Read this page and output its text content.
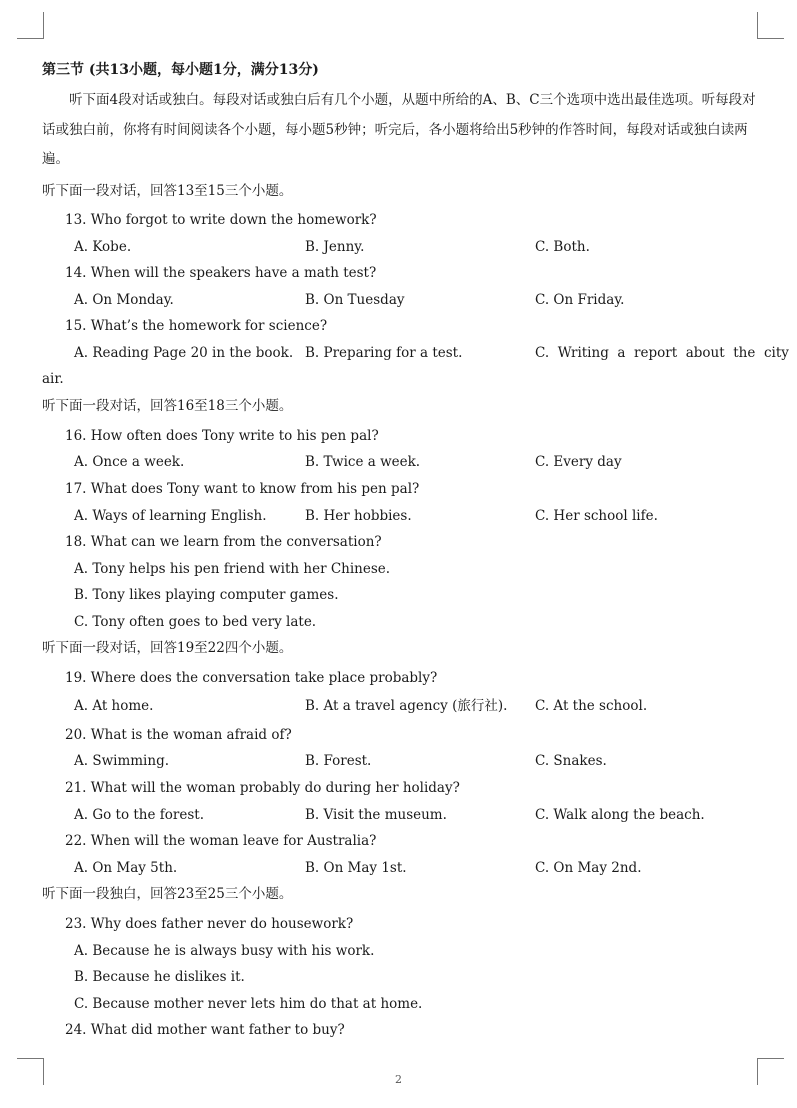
第三节 (共13小题，每小题1分，满分13分)
听下面4段对话或独白。每段对话或独白后有几个小题，从题中所给的A、B、C三个选项中选出最佳选项。听每段对话或独白前，你将有时间阅读各个小题，每小题5秒钟；听完后，各小题将给出5秒钟的作答时间，每段对话或独白读两遍。
听下面一段对话，回答13至15三个小题。
13. Who forgot to write down the homework?
A. Kobe.	B. Jenny.	C. Both.
14. When will the speakers have a math test?
A. On Monday.	B. On Tuesday	C. On Friday.
15. What’s the homework for science?
A. Reading Page 20 in the book. B. Preparing for a test.	C.  Writing  a  report  about  the  city
air.
听下面一段对话，回答16至18三个小题。
16. How often does Tony write to his pen pal?
A. Once a week.	B. Twice a week.	C. Every day
17. What does Tony want to know from his pen pal?
A. Ways of learning English.	B. Her hobbies.	C. Her school life.
18. What can we learn from the conversation?
A. Tony helps his pen friend with her Chinese.
B. Tony likes playing computer games.
C. Tony often goes to bed very late.
听下面一段对话，回答19至22四个小题。
19. Where does the conversation take place probably?
A. At home.	B. At a travel agency (旅行社). C. At the school.
20. What is the woman afraid of?
A. Swimming.	B. Forest.	C. Snakes.
21. What will the woman probably do during her holiday?
A. Go to the forest.	B. Visit the museum.	C. Walk along the beach.
22. When will the woman leave for Australia?
A. On May 5th.	B. On May 1st.	C. On May 2nd.
听下面一段独白，回答23至25三个小题。
23. Why does father never do housework?
A. Because he is always busy with his work.
B. Because he dislikes it.
C. Because mother never lets him do that at home.
24. What did mother want father to buy?
2
